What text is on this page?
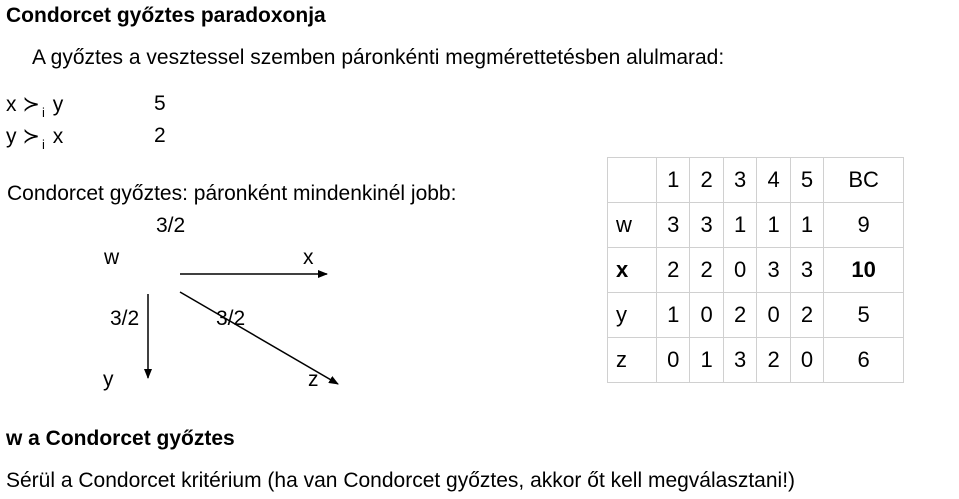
Condorcet győztes paradoxonja
A győztes a vesztessel szemben páronkénti megmérettetésben alulmarad:
x ≻ $_i$ y	5
y ≻ $_i$ x	2
Condorcet győztes: páronként mindenkinél jobb:
3/2
w	x
3/2	3/2
y	z
	1	2	3	4	5	BC
w	3	3	1	1	1	9
x	2	2	0	3	3	10
y	1	0	2	0	2	5
z	0	1	3	2	0	6
w a Condorcet győztes
Sérül a Condorcet kritérium (ha van Condorcet győztes, akkor őt kell megválasztani!)
